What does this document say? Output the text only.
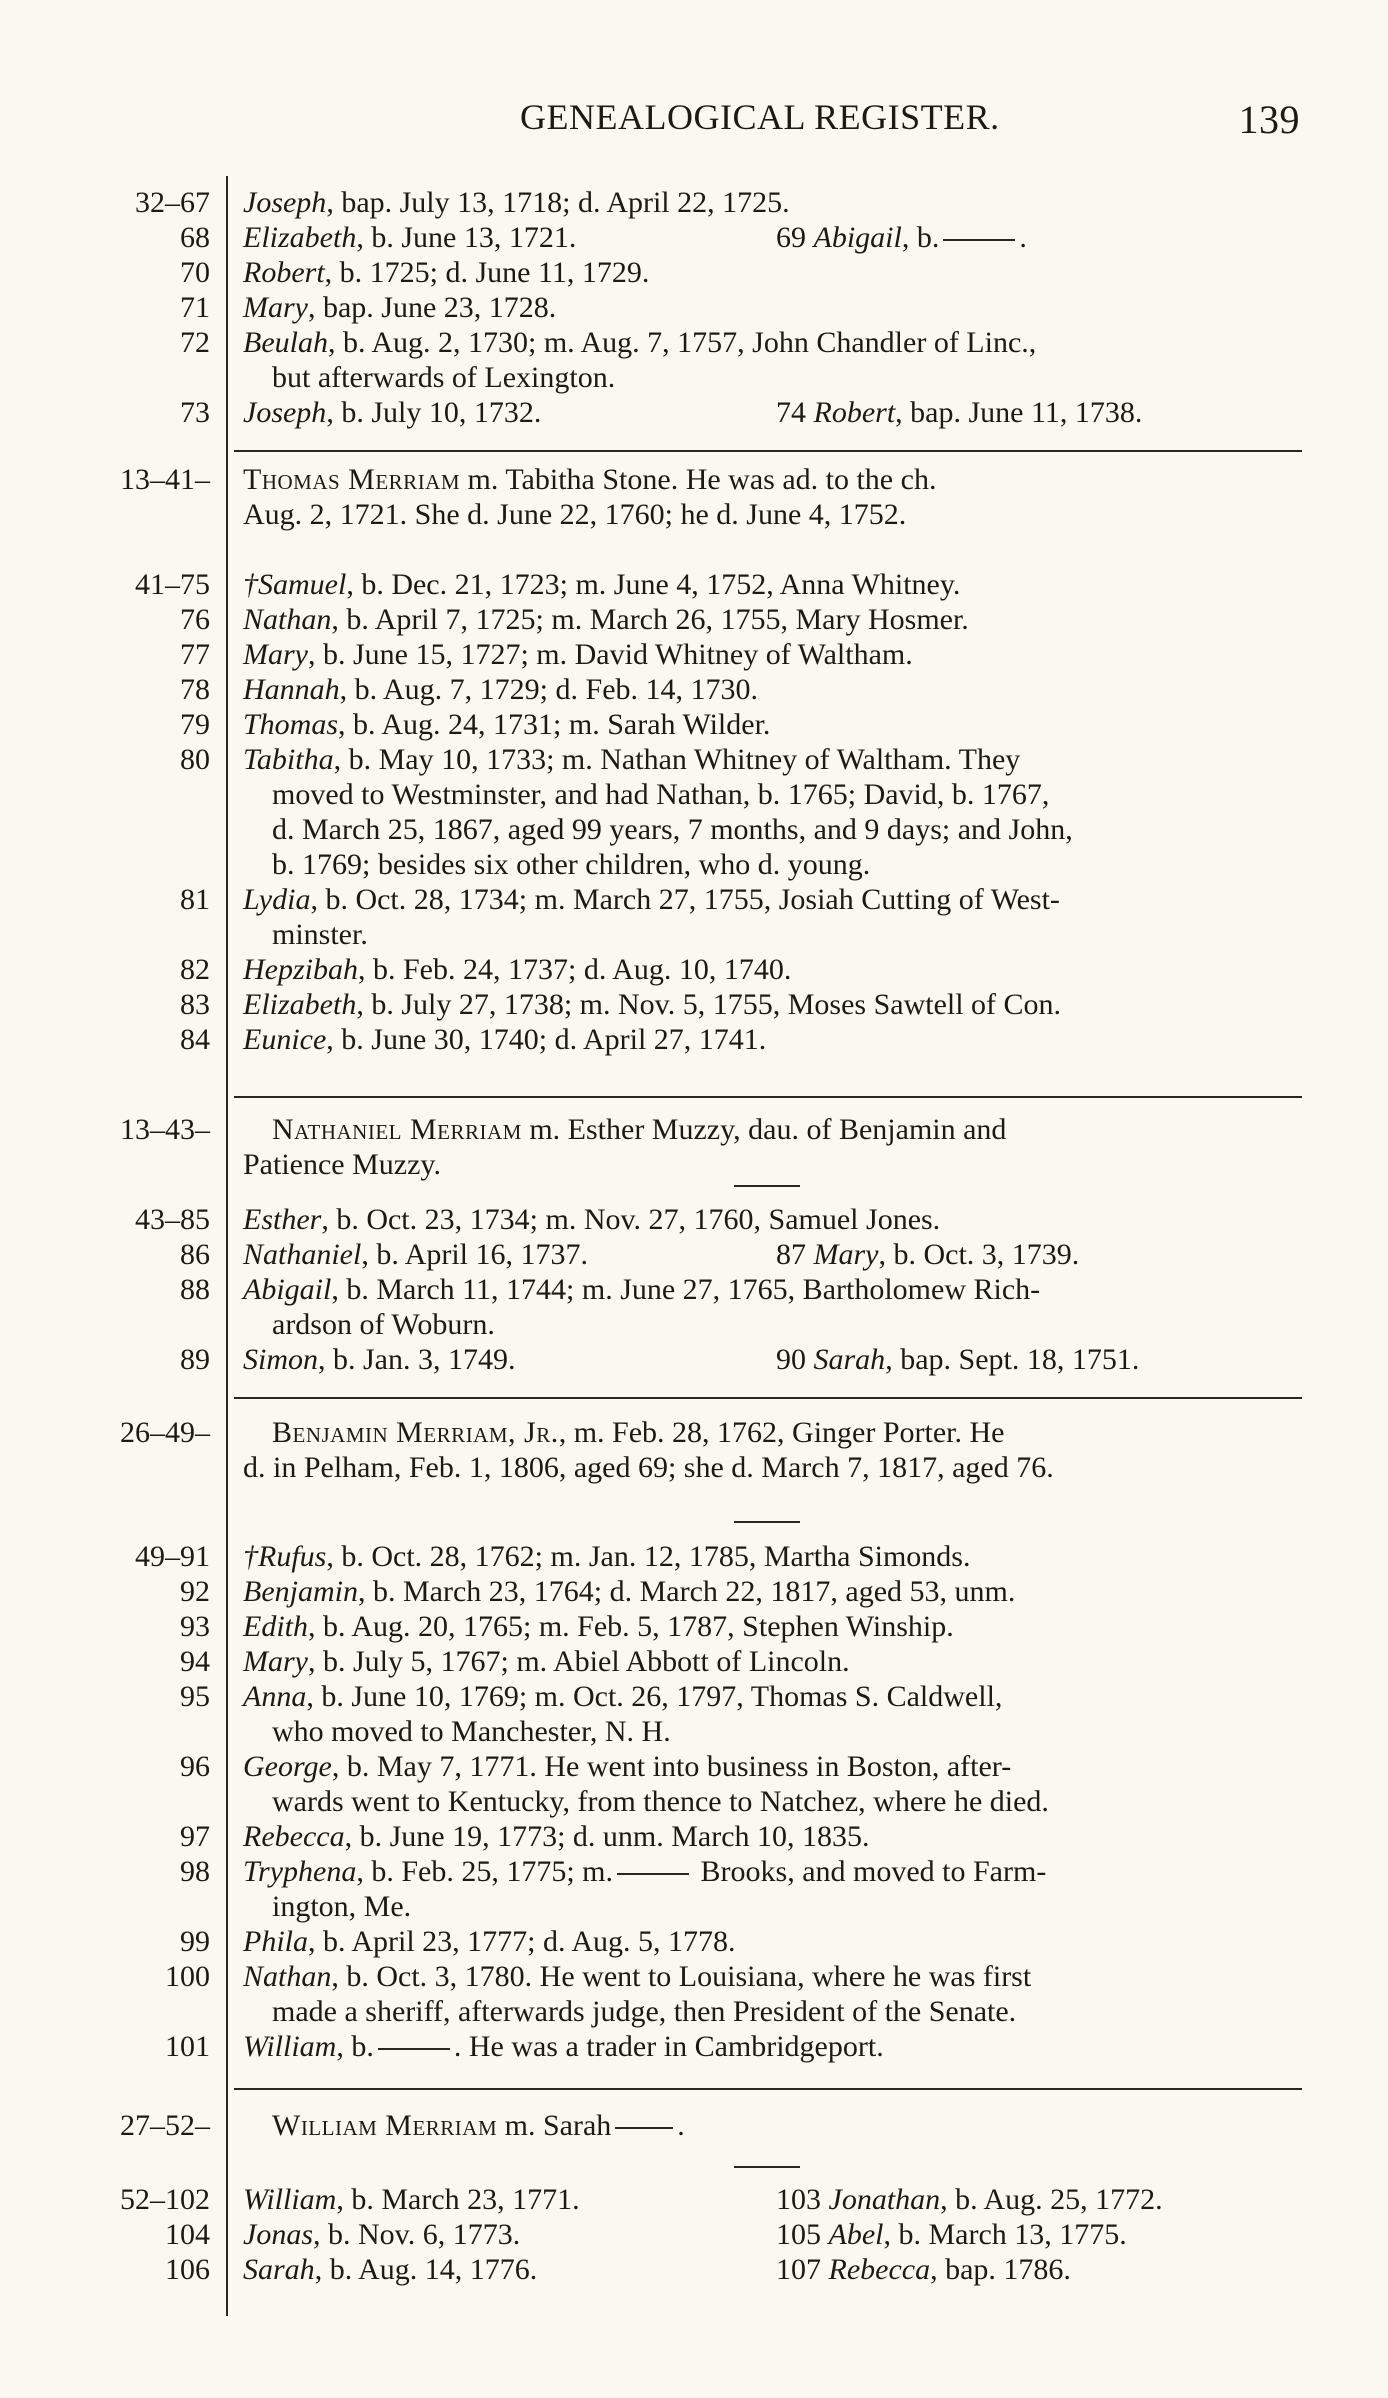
GENEALOGICAL REGISTER.	139
32–67 Joseph, bap. July 13, 1718; d. April 22, 1725.
68 Elizabeth, b. June 13, 1721.	69 Abigail, b.	.
70 Robert, b. 1725; d. June 11, 1729.
71 Mary, bap. June 23, 1728.
72 Beulah, b. Aug. 2, 1730; m. Aug. 7, 1757, John Chandler of Linc.,
but afterwards of Lexington.
73 Joseph, b. July 10, 1732.	74 Robert, bap. June 11, 1738.
13–41– Thomas Merriam m. Tabitha Stone. He was ad. to the ch.
Aug. 2, 1721. She d. June 22, 1760; he d. June 4, 1752.
41–75 †Samuel, b. Dec. 21, 1723; m. June 4, 1752, Anna Whitney.
76 Nathan, b. April 7, 1725; m. March 26, 1755, Mary Hosmer.
77 Mary, b. June 15, 1727; m. David Whitney of Waltham.
78 Hannah, b. Aug. 7, 1729; d. Feb. 14, 1730.
79 Thomas, b. Aug. 24, 1731; m. Sarah Wilder.
80 Tabitha, b. May 10, 1733; m. Nathan Whitney of Waltham. They
moved to Westminster, and had Nathan, b. 1765; David, b. 1767,
d. March 25, 1867, aged 99 years, 7 months, and 9 days; and John,
b. 1769; besides six other children, who d. young.
81 Lydia, b. Oct. 28, 1734; m. March 27, 1755, Josiah Cutting of West-
minster.
82 Hepzibah, b. Feb. 24, 1737; d. Aug. 10, 1740.
83 Elizabeth, b. July 27, 1738; m. Nov. 5, 1755, Moses Sawtell of Con.
84 Eunice, b. June 30, 1740; d. April 27, 1741.
13–43– Nathaniel Merriam m. Esther Muzzy, dau. of Benjamin and
Patience Muzzy.
43–85 Esther, b. Oct. 23, 1734; m. Nov. 27, 1760, Samuel Jones.
86 Nathaniel, b. April 16, 1737.	87 Mary, b. Oct. 3, 1739.
88 Abigail, b. March 11, 1744; m. June 27, 1765, Bartholomew Rich-
ardson of Woburn.
89 Simon, b. Jan. 3, 1749.	90 Sarah, bap. Sept. 18, 1751.
26–49– Benjamin Merriam, Jr., m. Feb. 28, 1762, Ginger Porter. He
d. in Pelham, Feb. 1, 1806, aged 69; she d. March 7, 1817, aged 76.
49–91 †Rufus, b. Oct. 28, 1762; m. Jan. 12, 1785, Martha Simonds.
92 Benjamin, b. March 23, 1764; d. March 22, 1817, aged 53, unm.
93 Edith, b. Aug. 20, 1765; m. Feb. 5, 1787, Stephen Winship.
94 Mary, b. July 5, 1767; m. Abiel Abbott of Lincoln.
95 Anna, b. June 10, 1769; m. Oct. 26, 1797, Thomas S. Caldwell,
who moved to Manchester, N. H.
96 George, b. May 7, 1771. He went into business in Boston, after-
wards went to Kentucky, from thence to Natchez, where he died.
97 Rebecca, b. June 19, 1773; d. unm. March 10, 1835.
98 Tryphena, b. Feb. 25, 1775; m.	Brooks, and moved to Farm-
ington, Me.
99 Phila, b. April 23, 1777; d. Aug. 5, 1778.
100 Nathan, b. Oct. 3, 1780. He went to Louisiana, where he was first
made a sheriff, afterwards judge, then President of the Senate.
101 William, b.	. He was a trader in Cambridgeport.
27–52– William Merriam m. Sarah .
52–102 William, b. March 23, 1771.	103 Jonathan, b. Aug. 25, 1772.
104 Jonas, b. Nov. 6, 1773.	105 Abel, b. March 13, 1775.
106 Sarah, b. Aug. 14, 1776.	107 Rebecca, bap. 1786.
